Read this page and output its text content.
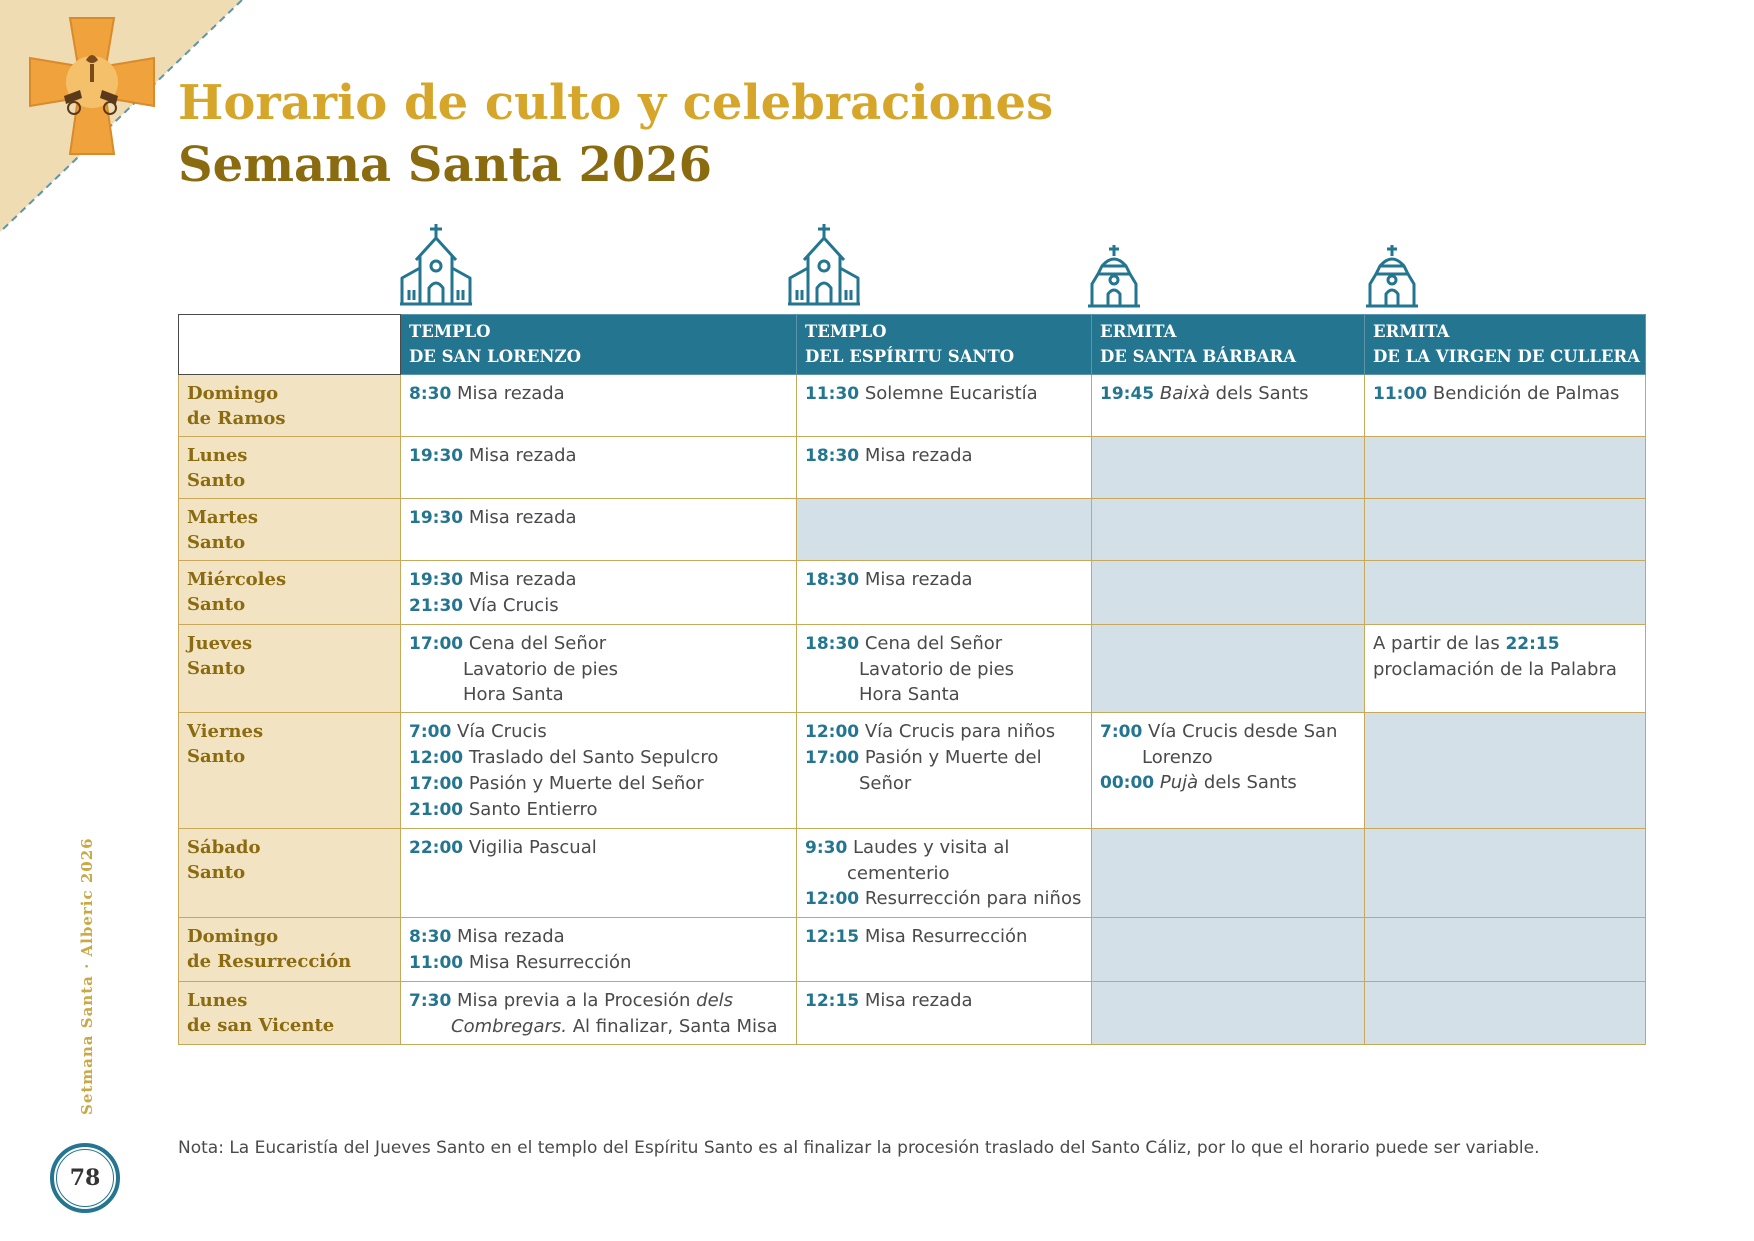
Horario de culto y celebraciones
Semana Santa 2026

	TEMPLO
DE SAN LORENZO	TEMPLO
DEL ESPÍRITU SANTO	ERMITA
DE SANTA BÁRBARA	ERMITA
DE LA VIRGEN DE CULLERA

Domingo
de Ramos	8:30 Misa rezada	11:30 Solemne Eucaristía	19:45 Baixà dels Sants	11:00 Bendición de Palmas

Lunes
Santo	19:30 Misa rezada	18:30 Misa rezada		

Martes
Santo	19:30 Misa rezada			

Miércoles
Santo	19:30 Misa rezada
21:30 Vía Crucis	18:30 Misa rezada		

Jueves
Santo	17:00 Cena del Señor
Lavatorio de pies
Hora Santa	18:30 Cena del Señor
Lavatorio de pies
Hora Santa		A partir de las 22:15
proclamación de la Palabra

Viernes
Santo	7:00 Vía Crucis
12:00 Traslado del Santo Sepulcro
17:00 Pasión y Muerte del Señor
21:00 Santo Entierro	12:00 Vía Crucis para niños
17:00 Pasión y Muerte del
Señor	7:00 Vía Crucis desde San
Lorenzo
00:00 Pujà dels Sants	

Sábado
Santo	22:00 Vigilia Pascual	9:30 Laudes y visita al
cementerio
12:00 Resurrección para niños		

Domingo
de Resurrección	8:30 Misa rezada
11:00 Misa Resurrección	12:15 Misa Resurrección		

Lunes
de san Vicente	7:30 Misa previa a la Procesión dels
Combregars. Al finalizar, Santa Misa	12:15 Misa rezada		

Nota: La Eucaristía del Jueves Santo en el templo del Espíritu Santo es al finalizar la procesión traslado del Santo Cáliz, por lo que el horario puede ser variable.

Setmana Santa · Alberic 2026
78
